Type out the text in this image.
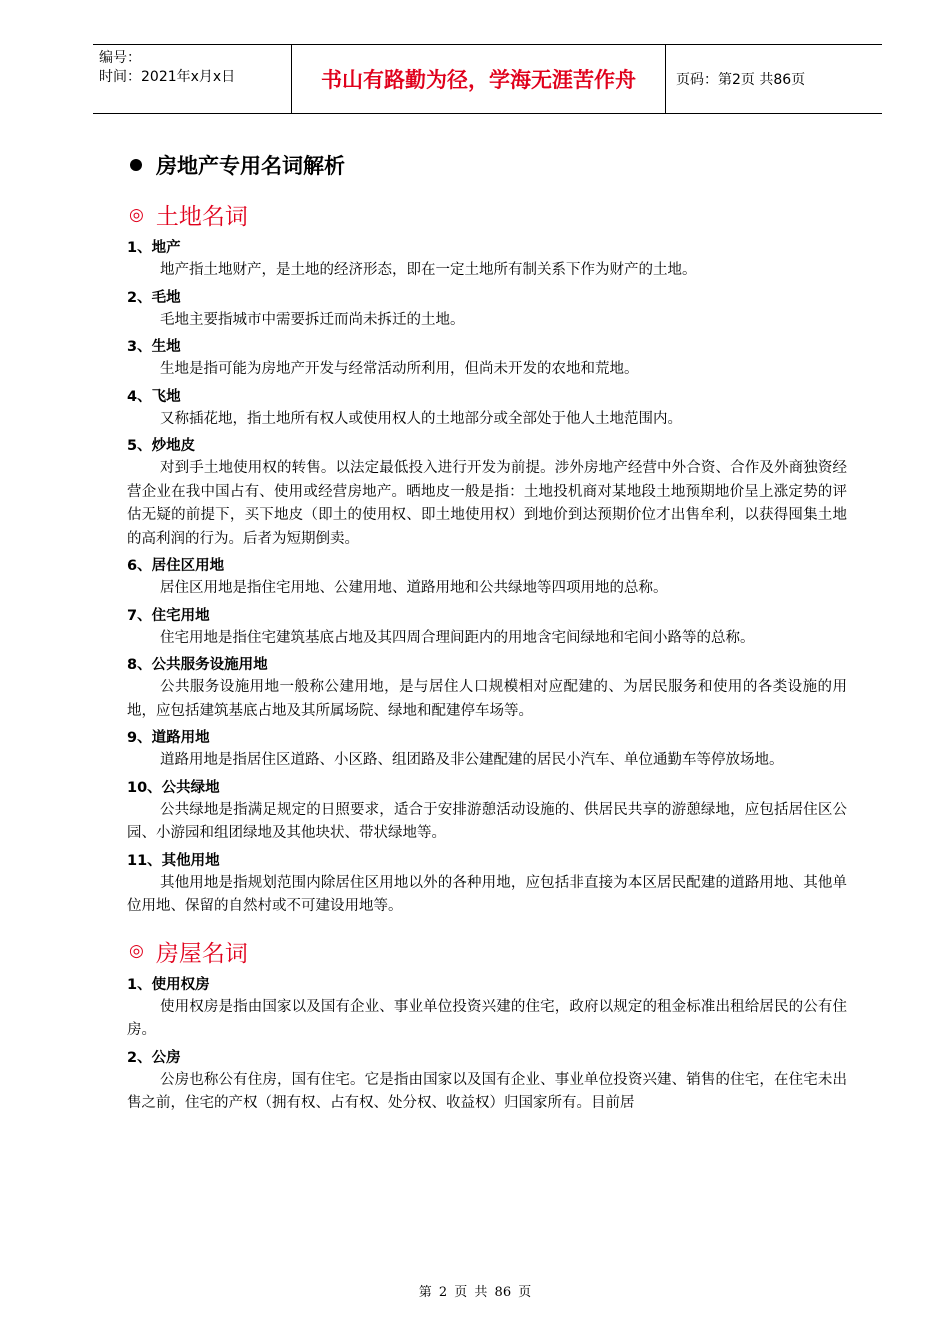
编号：
时间：2021年x月x日	书山有路勤为径，学海无涯苦作舟	页码：第2页 共86页
房地产专用名词解析
◎ 土地名词
1、地产

地产指土地财产，是土地的经济形态，即在一定土地所有制关系下作为财产的土地。

2、毛地

毛地主要指城市中需要拆迁而尚未拆迁的土地。

3、生地

生地是指可能为房地产开发与经常活动所利用，但尚未开发的农地和荒地。

4、飞地

又称插花地，指土地所有权人或使用权人的土地部分或全部处于他人土地范围内。

5、炒地皮

对到手土地使用权的转售。以法定最低投入进行开发为前提。涉外房地产经营中外合资、合作及外商独资经营企业在我中国占有、使用或经营房地产。晒地皮一般是指：土地投机商对某地段土地预期地价呈上涨定势的评估无疑的前提下，买下地皮（即土的使用权、即土地使用权）到地价到达预期价位才出售牟利，以获得囤集土地的高利润的行为。后者为短期倒卖。

6、居住区用地

居住区用地是指住宅用地、公建用地、道路用地和公共绿地等四项用地的总称。

7、住宅用地

住宅用地是指住宅建筑基底占地及其四周合理间距内的用地含宅间绿地和宅间小路等的总称。

8、公共服务设施用地

公共服务设施用地一般称公建用地，是与居住人口规模相对应配建的、为居民服务和使用的各类设施的用地，应包括建筑基底占地及其所属场院、绿地和配建停车场等。

9、道路用地

道路用地是指居住区道路、小区路、组团路及非公建配建的居民小汽车、单位通勤车等停放场地。

10、公共绿地

公共绿地是指满足规定的日照要求，适合于安排游憩活动设施的、供居民共享的游憩绿地，应包括居住区公园、小游园和组团绿地及其他块状、带状绿地等。

11、其他用地

其他用地是指规划范围内除居住区用地以外的各种用地，应包括非直接为本区居民配建的道路用地、其他单位用地、保留的自然村或不可建设用地等。

◎ 房屋名词
1、使用权房

使用权房是指由国家以及国有企业、事业单位投资兴建的住宅，政府以规定的租金标准出租给居民的公有住房。

2、公房

公房也称公有住房，国有住宅。它是指由国家以及国有企业、事业单位投资兴建、销售的住宅，在住宅未出售之前，住宅的产权（拥有权、占有权、处分权、收益权）归国家所有。目前居

第 2 页 共 86 页
